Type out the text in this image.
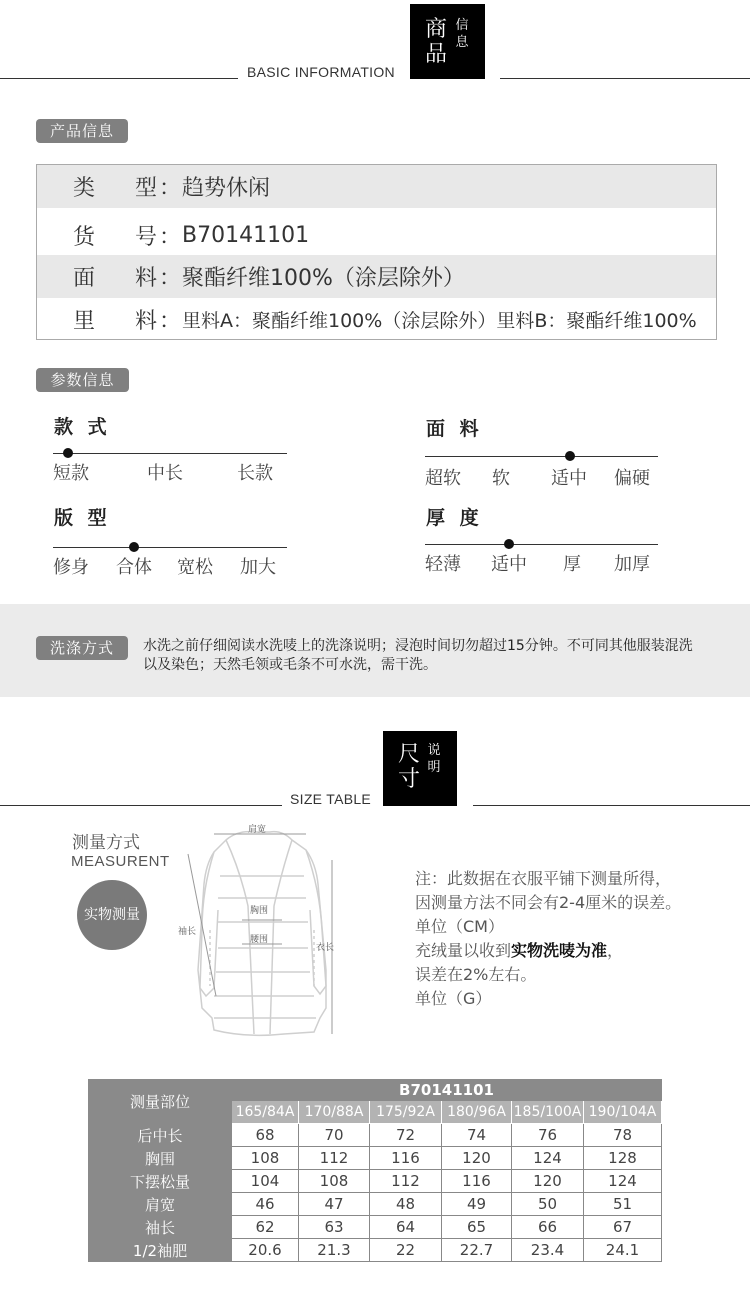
BASIC INFORMATION
商
品
信
息
产品信息
类 型 ： 趋势休闲
货 号 ： B70141101
面 料 ： 聚酯纤维100%（涂层除外）
里 料 ： 里料A：聚酯纤维100%（涂层除外）里料B：聚酯纤维100%
参数信息
款 式
短款	中长	长款
面 料
超软 软 适中 偏硬
版 型
修身 合体 宽松 加大
厚 度
轻薄 适中 厚 加厚
洗涤方式	水洗之前仔细阅读水洗唛上的洗涤说明；浸泡时间切勿超过15分钟。不可同其他服装混洗以及染色；天然毛领或毛条不可水洗，需干洗。
SIZE TABLE
尺
寸
说
明
测量方式
MEASURENT
实物测量
肩宽
胸围
腰围
袖长
衣长
注：此数据在衣服平铺下测量所得，
因测量方法不同会有2-4厘米的误差。
单位（CM）
充绒量以收到实物洗唛为准，
误差在2%左右。
单位（G）
测量部位	B70141101					
	165/84A	170/88A	175/92A	180/96A	185/100A	190/104A
后中长	68	70	72	74	76	78
胸围	108	112	116	120	124	128
下摆松量	104	108	112	116	120	124
肩宽	46	47	48	49	50	51
袖长	62	63	64	65	66	67
1/2袖肥	20.6	21.3	22	22.7	23.4	24.1
